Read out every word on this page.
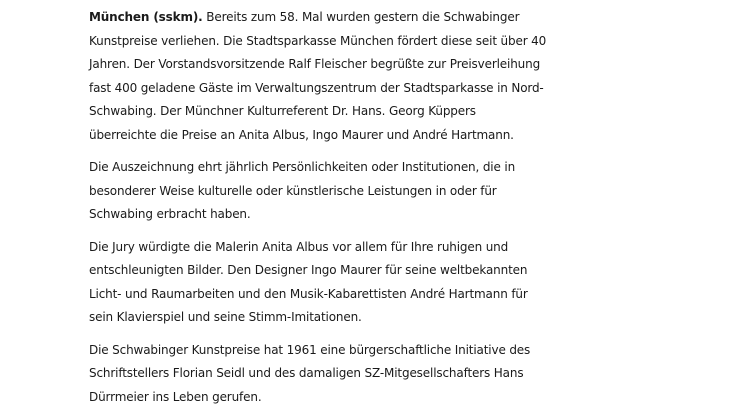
München (sskm). Bereits zum 58. Mal wurden gestern die Schwabinger
Kunstpreise verliehen. Die Stadtsparkasse München fördert diese seit über 40
Jahren. Der Vorstandsvorsitzende Ralf Fleischer begrüßte zur Preisverleihung
fast 400 geladene Gäste im Verwaltungszentrum der Stadtsparkasse in Nord-
Schwabing. Der Münchner Kulturreferent Dr. Hans. Georg Küppers
überreichte die Preise an Anita Albus, Ingo Maurer und André Hartmann.

Die Auszeichnung ehrt jährlich Persönlichkeiten oder Institutionen, die in
besonderer Weise kulturelle oder künstlerische Leistungen in oder für
Schwabing erbracht haben.

Die Jury würdigte die Malerin Anita Albus vor allem für Ihre ruhigen und
entschleunigten Bilder. Den Designer Ingo Maurer für seine weltbekannten
Licht- und Raumarbeiten und den Musik-Kabarettisten André Hartmann für
sein Klavierspiel und seine Stimm-Imitationen.

Die Schwabinger Kunstpreise hat 1961 eine bürgerschaftliche Initiative des
Schriftstellers Florian Seidl und des damaligen SZ-Mitgesellschafters Hans
Dürrmeier ins Leben gerufen.
